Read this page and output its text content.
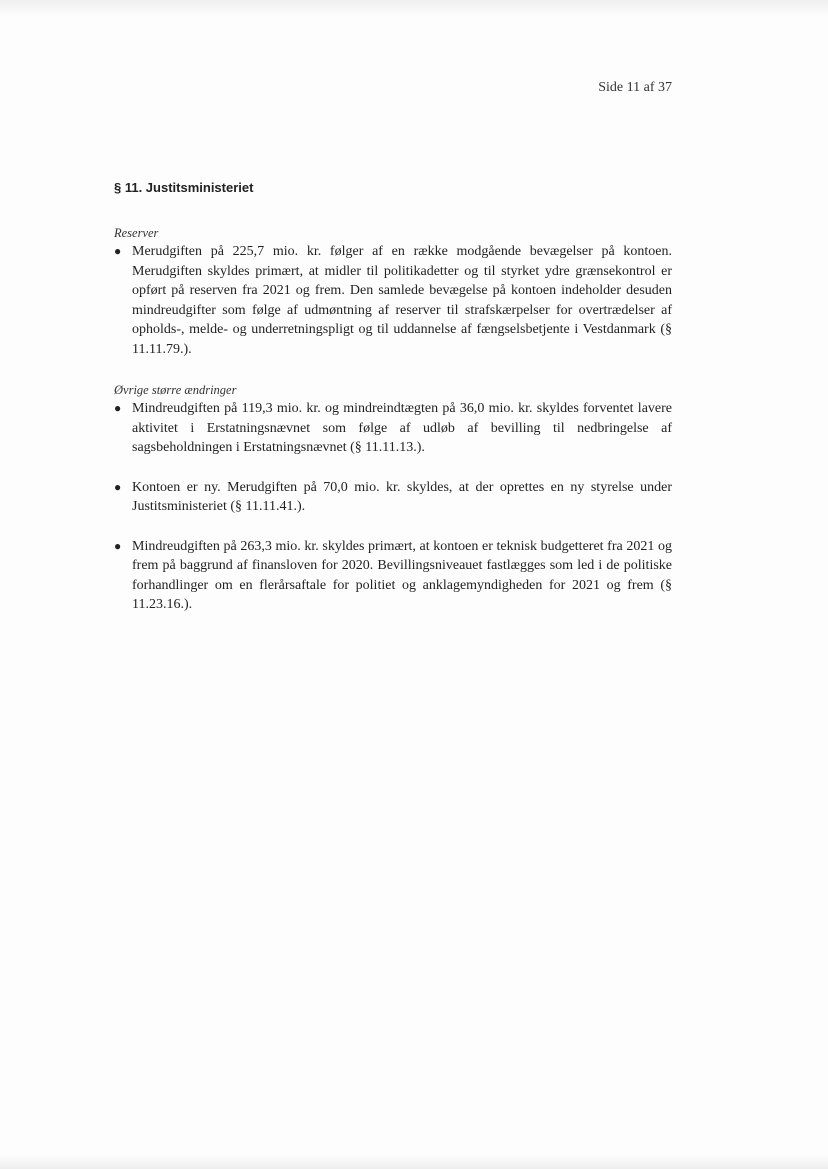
Side 11 af 37
§ 11. Justitsministeriet

Reserver

● Merudgiften på 225,7 mio. kr. følger af en række modgående bevægelser på kontoen. Merudgiften skyldes primært, at midler til politikadetter og til styrket ydre grænsekontrol er opført på reserven fra 2021 og frem. Den samlede bevægelse på kontoen indeholder desuden mindreudgifter som følge af udmøntning af reserver til strafskærpelser for overtrædelser af opholds-, melde- og underretningspligt og til uddannelse af fængselsbetjente i Vestdanmark (§ 11.11.79.).

Øvrige større ændringer

● Mindreudgiften på 119,3 mio. kr. og mindreindtægten på 36,0 mio. kr. skyldes forventet lavere aktivitet i Erstatningsnævnet som følge af udløb af bevilling til nedbringelse af sagsbeholdningen i Erstatningsnævnet (§ 11.11.13.).
● Kontoen er ny. Merudgiften på 70,0 mio. kr. skyldes, at der oprettes en ny styrelse under Justitsministeriet (§ 11.11.41.).
● Mindreudgiften på 263,3 mio. kr. skyldes primært, at kontoen er teknisk budgetteret fra 2021 og frem på baggrund af finansloven for 2020. Bevillingsniveauet fastlægges som led i de politiske forhandlinger om en flerårsaftale for politiet og anklagemyndigheden for 2021 og frem (§ 11.23.16.).
